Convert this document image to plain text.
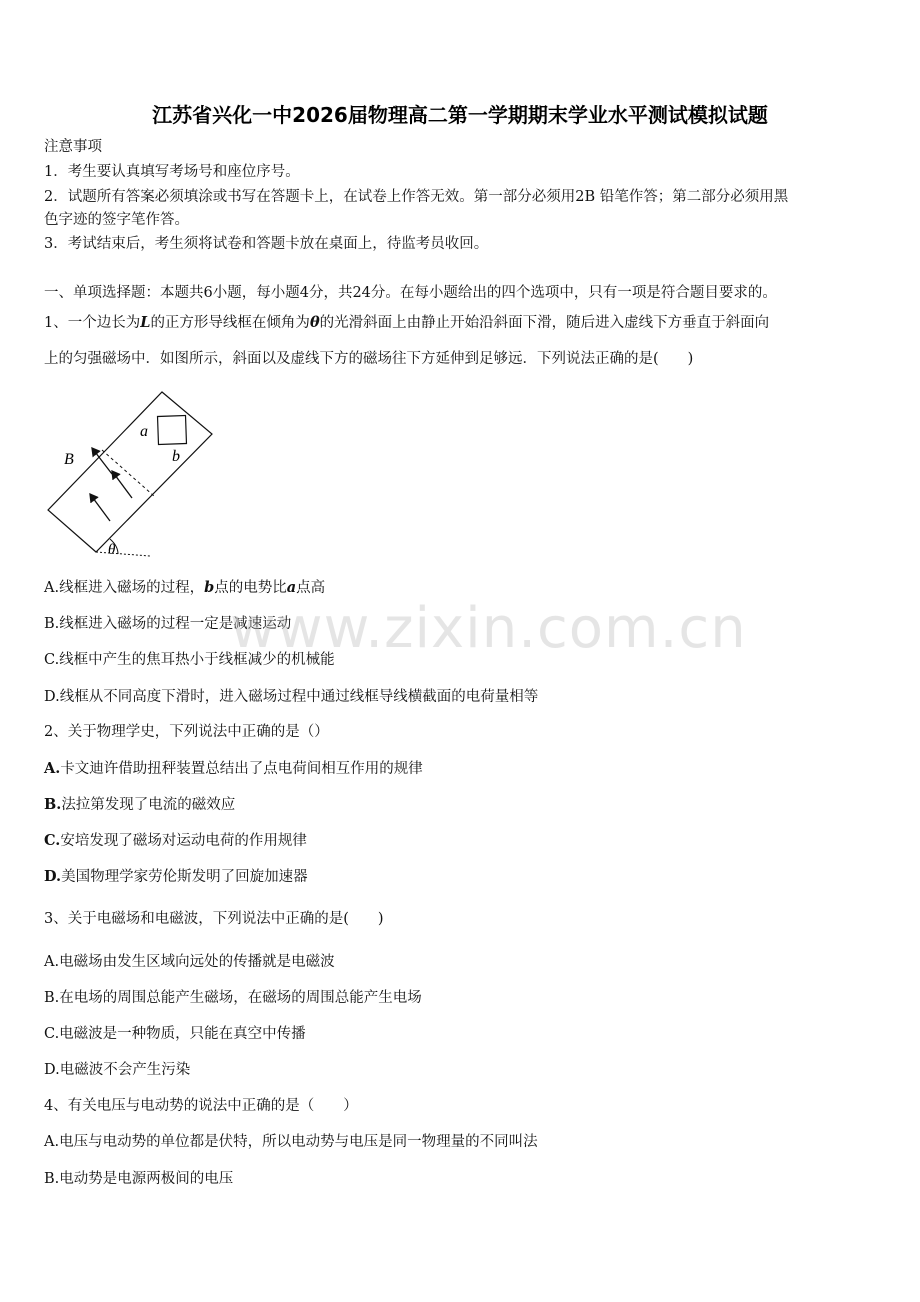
江苏省兴化一中2026届物理高二第一学期期末学业水平测试模拟试题
注意事项
1．考生要认真填写考场号和座位序号。
2．试题所有答案必须填涂或书写在答题卡上，在试卷上作答无效。第一部分必须用2B 铅笔作答；第二部分必须用黑
色字迹的签字笔作答。
3．考试结束后，考生须将试卷和答题卡放在桌面上，待监考员收回。
一、单项选择题：本题共6小题，每小题4分，共24分。在每小题给出的四个选项中，只有一项是符合题目要求的。
1、一个边长为L的正方形导线框在倾角为θ的光滑斜面上由静止开始沿斜面下滑，随后进入虚线下方垂直于斜面向
上的匀强磁场中．如图所示，斜面以及虚线下方的磁场往下方延伸到足够远．下列说法正确的是(　　)
a
b
B
θ
A.线框进入磁场的过程，b点的电势比a点高
B.线框进入磁场的过程一定是减速运动
C.线框中产生的焦耳热小于线框减少的机械能
D.线框从不同高度下滑时，进入磁场过程中通过线框导线横截面的电荷量相等
2、关于物理学史，下列说法中正确的是（）
A.卡文迪许借助扭秤装置总结出了点电荷间相互作用的规律
B.法拉第发现了电流的磁效应
C.安培发现了磁场对运动电荷的作用规律
D.美国物理学家劳伦斯发明了回旋加速器
3、关于电磁场和电磁波，下列说法中正确的是(　　)
A.电磁场由发生区域向远处的传播就是电磁波
B.在电场的周围总能产生磁场，在磁场的周围总能产生电场
C.电磁波是一种物质，只能在真空中传播
D.电磁波不会产生污染
4、有关电压与电动势的说法中正确的是（　　）
A.电压与电动势的单位都是伏特，所以电动势与电压是同一物理量的不同叫法
B.电动势是电源两极间的电压
www.zixin.com.cn
